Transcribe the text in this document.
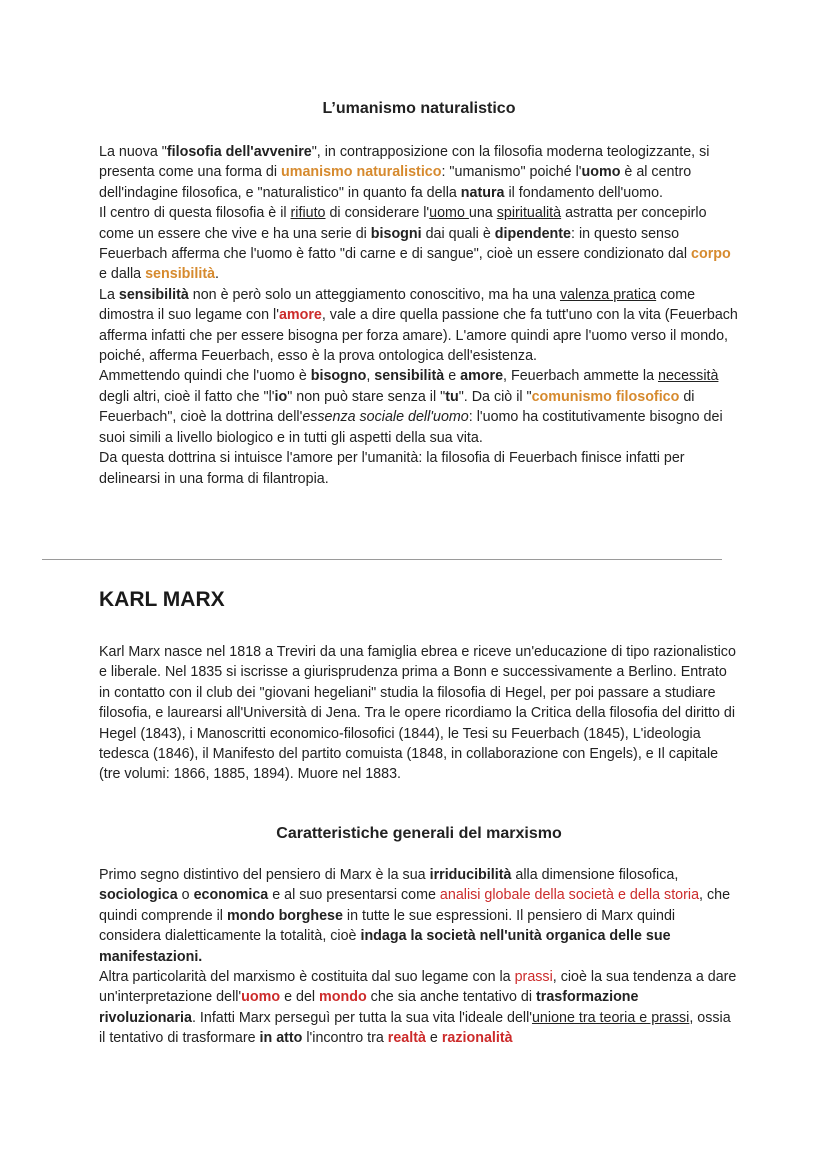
L’umanismo naturalistico

La nuova "filosofia dell'avvenire", in contrapposizione con la filosofia moderna teologizzante, si presenta come una forma di umanismo naturalistico: "umanismo" poiché l'uomo è al centro dell'indagine filosofica, e "naturalistico" in quanto fa della natura il fondamento dell'uomo.
Il centro di questa filosofia è il rifiuto di considerare l'uomo una spiritualità astratta per concepirlo come un essere che vive e ha una serie di bisogni dai quali è dipendente: in questo senso Feuerbach afferma che l'uomo è fatto "di carne e di sangue", cioè un essere condizionato dal corpo e dalla sensibilità.
La sensibilità non è però solo un atteggiamento conoscitivo, ma ha una valenza pratica come dimostra il suo legame con l'amore, vale a dire quella passione che fa tutt'uno con la vita (Feuerbach afferma infatti che per essere bisogna per forza amare). L'amore quindi apre l'uomo verso il mondo, poiché, afferma Feuerbach, esso è la prova ontologica dell'esistenza.
Ammettendo quindi che l'uomo è bisogno, sensibilità e amore, Feuerbach ammette la necessità degli altri, cioè il fatto che "l'io" non può stare senza il "tu". Da ciò il "comunismo filosofico di Feuerbach", cioè la dottrina dell'essenza sociale dell'uomo: l'uomo ha costitutivamente bisogno dei suoi simili a livello biologico e in tutti gli aspetti della sua vita.
Da questa dottrina si intuisce l'amore per l'umanità: la filosofia di Feuerbach finisce infatti per delinearsi in una forma di filantropia.

KARL MARX

Karl Marx nasce nel 1818 a Treviri da una famiglia ebrea e riceve un'educazione di tipo razionalistico e liberale. Nel 1835 si iscrisse a giurisprudenza prima a Bonn e successivamente a Berlino. Entrato in contatto con il club dei "giovani hegeliani" studia la filosofia di Hegel, per poi passare a studiare filosofia, e laurearsi all'Università di Jena. Tra le opere ricordiamo la Critica della filosofia del diritto di Hegel (1843), i Manoscritti economico-filosofici (1844), le Tesi su Feuerbach (1845), L'ideologia tedesca (1846), il Manifesto del partito comuista (1848, in collaborazione con Engels), e Il capitale (tre volumi: 1866, 1885, 1894). Muore nel 1883.

Caratteristiche generali del marxismo

Primo segno distintivo del pensiero di Marx è la sua irriducibilità alla dimensione filosofica, sociologica o economica e al suo presentarsi come analisi globale della società e della storia, che quindi comprende il mondo borghese in tutte le sue espressioni. Il pensiero di Marx quindi considera dialetticamente la totalità, cioè indaga la società nell'unità organica delle sue manifestazioni.
Altra particolarità del marxismo è costituita dal suo legame con la prassi, cioè la sua tendenza a dare un'interpretazione dell'uomo e del mondo che sia anche tentativo di trasformazione rivoluzionaria. Infatti Marx perseguì per tutta la sua vita l'ideale dell'unione tra teoria e prassi, ossia il tentativo di trasformare in atto l'incontro tra realtà e razionalità
